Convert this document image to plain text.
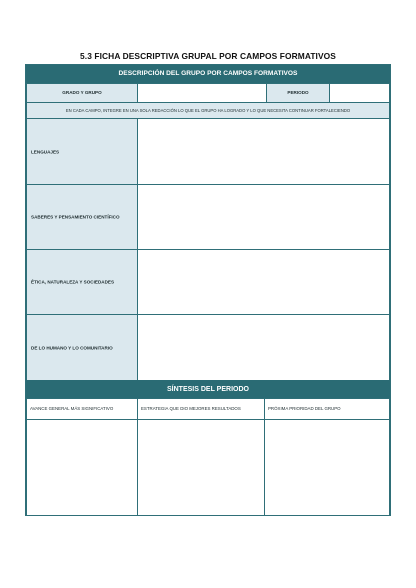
5.3 FICHA DESCRIPTIVA GRUPAL POR CAMPOS FORMATIVOS
DESCRIPCIÓN DEL GRUPO POR CAMPOS FORMATIVOS
GRADO Y GRUPO	PERIODO
EN CADA CAMPO, INTEGRE EN UNA SOLA REDACCIÓN LO QUE EL GRUPO HA LOGRADO Y LO QUE NECESITA CONTINUAR FORTALECIENDO
LENGUAJES
SABERES Y PENSAMIENTO CIENTÍFICO
ÉTICA, NATURALEZA Y SOCIEDADES
DE LO HUMANO Y LO COMUNITARIO
SÍNTESIS DEL PERIODO
AVANCE GENERAL MÁS SIGNIFICATIVO	ESTRATEGIA QUE DIO MEJORES RESULTADOS	PRÓXIMA PRIORIDAD DEL GRUPO
